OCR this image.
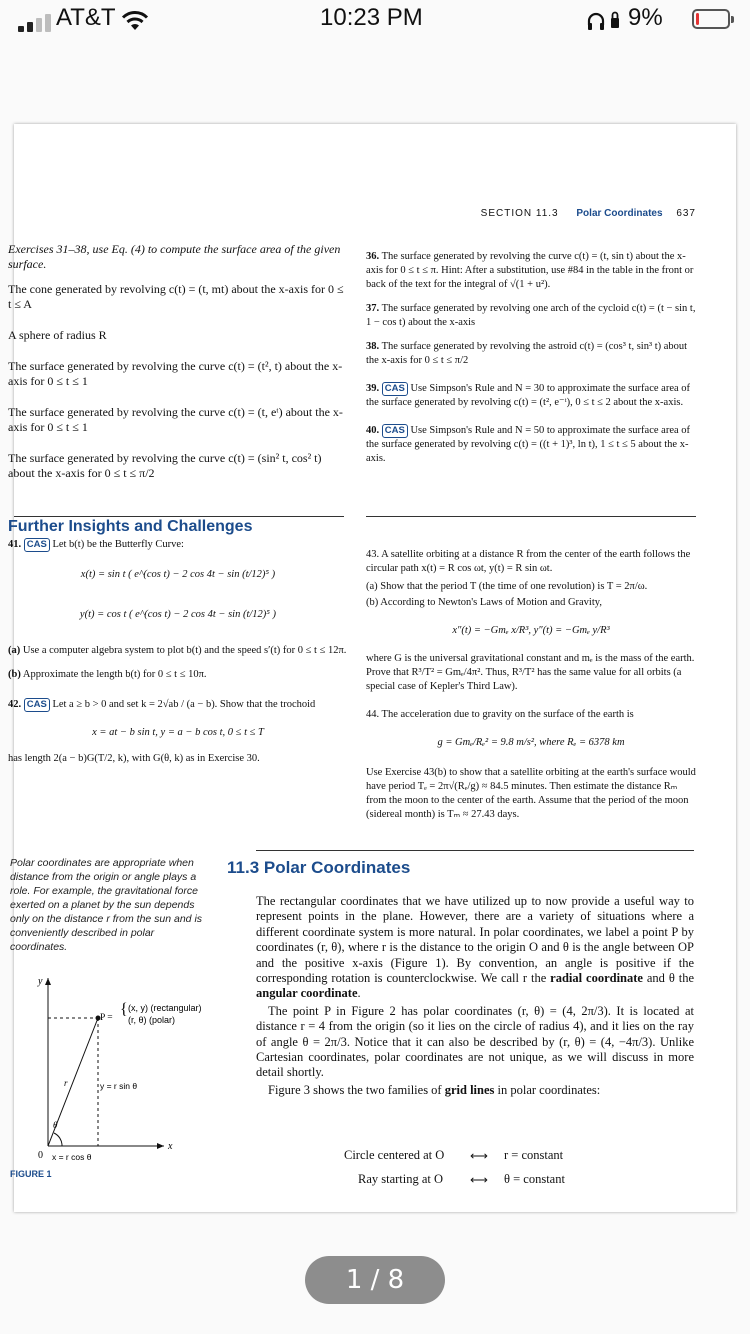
AT&T	10:23 PM	9%
SECTION 11.3 Polar Coordinates 637

Exercises 31–38, use Eq. (4) to compute the surface area of the given surface.

The cone generated by revolving c(t) = (t, mt) about the x-axis for 0 ≤ t ≤ A

A sphere of radius R

The surface generated by revolving the curve c(t) = (t², t) about the x-axis for 0 ≤ t ≤ 1

The surface generated by revolving the curve c(t) = (t, eᵗ) about the x-axis for 0 ≤ t ≤ 1

The surface generated by revolving the curve c(t) = (sin² t, cos² t) about the x-axis for 0 ≤ t ≤ π/2

36. The surface generated by revolving the curve c(t) = (t, sin t) about the x-axis for 0 ≤ t ≤ π. Hint: After a substitution, use #84 in the table in the front or back of the text for the integral of √(1 + u²).

37. The surface generated by revolving one arch of the cycloid c(t) = (t − sin t, 1 − cos t) about the x-axis

38. The surface generated by revolving the astroid c(t) = (cos³ t, sin³ t) about the x-axis for 0 ≤ t ≤ π/2

39. CAS Use Simpson's Rule and N = 30 to approximate the surface area of the surface generated by revolving c(t) = (t², e⁻ᵗ), 0 ≤ t ≤ 2 about the x-axis.

40. CAS Use Simpson's Rule and N = 50 to approximate the surface area of the surface generated by revolving c(t) = ((t + 1)³, ln t), 1 ≤ t ≤ 5 about the x-axis.

Further Insights and Challenges

41. CAS Let b(t) be the Butterfly Curve:

x(t) = sin t ( e^(cos t) − 2 cos 4t − sin (t/12)⁵ )

y(t) = cos t ( e^(cos t) − 2 cos 4t − sin (t/12)⁵ )

(a) Use a computer algebra system to plot b(t) and the speed s′(t) for 0 ≤ t ≤ 12π.

(b) Approximate the length b(t) for 0 ≤ t ≤ 10π.

42. CAS Let a ≥ b > 0 and set k = 2√ab / (a − b). Show that the trochoid

x = at − b sin t, y = a − b cos t, 0 ≤ t ≤ T

has length 2(a − b)G(T/2, k), with G(θ, k) as in Exercise 30.

43. A satellite orbiting at a distance R from the center of the earth follows the circular path x(t) = R cos ωt, y(t) = R sin ωt.

(a) Show that the period T (the time of one revolution) is T = 2π/ω.

(b) According to Newton's Laws of Motion and Gravity,

x″(t) = −Gmₑ x/R³, y″(t) = −Gmₑ y/R³

where G is the universal gravitational constant and mₑ is the mass of the earth. Prove that R³/T² = Gmₑ/4π². Thus, R³/T² has the same value for all orbits (a special case of Kepler's Third Law).

44. The acceleration due to gravity on the surface of the earth is

g = Gmₑ/Rₑ² = 9.8 m/s², where Rₑ = 6378 km

Use Exercise 43(b) to show that a satellite orbiting at the earth's surface would have period Tₑ = 2π√(Rₑ/g) ≈ 84.5 minutes. Then estimate the distance Rₘ from the moon to the center of the earth. Assume that the period of the moon (sidereal month) is Tₘ ≈ 27.43 days.

Polar coordinates are appropriate when distance from the origin or angle plays a role. For example, the gravitational force exerted on a planet by the sun depends only on the distance r from the sun and is conveniently described in polar coordinates.
11.3 Polar Coordinates

The rectangular coordinates that we have utilized up to now provide a useful way to represent points in the plane. However, there are a variety of situations where a different coordinate system is more natural. In polar coordinates, we label a point P by coordinates (r, θ), where r is the distance to the origin O and θ is the angle between OP and the positive x-axis (Figure 1). By convention, an angle is positive if the corresponding rotation is counterclockwise. We call r the radial coordinate and θ the angular coordinate.

The point P in Figure 2 has polar coordinates (r, θ) = (4, 2π/3). It is located at distance r = 4 from the origin (so it lies on the circle of radius 4), and it lies on the ray of angle θ = 2π/3. Notice that it can also be described by (r, θ) = (4, −4π/3). Unlike Cartesian coordinates, polar coordinates are not unique, as we will discuss in more detail shortly.

Figure 3 shows the two families of grid lines in polar coordinates:

Circle centered at O ⟷ r = constant
Ray starting at O ⟷ θ = constant
y
0
x
r
θ
y = r sin θ
x = r cos θ
P = { (x, y) (rectangular)
(r, θ) (polar)
FIGURE 1
1 / 8
